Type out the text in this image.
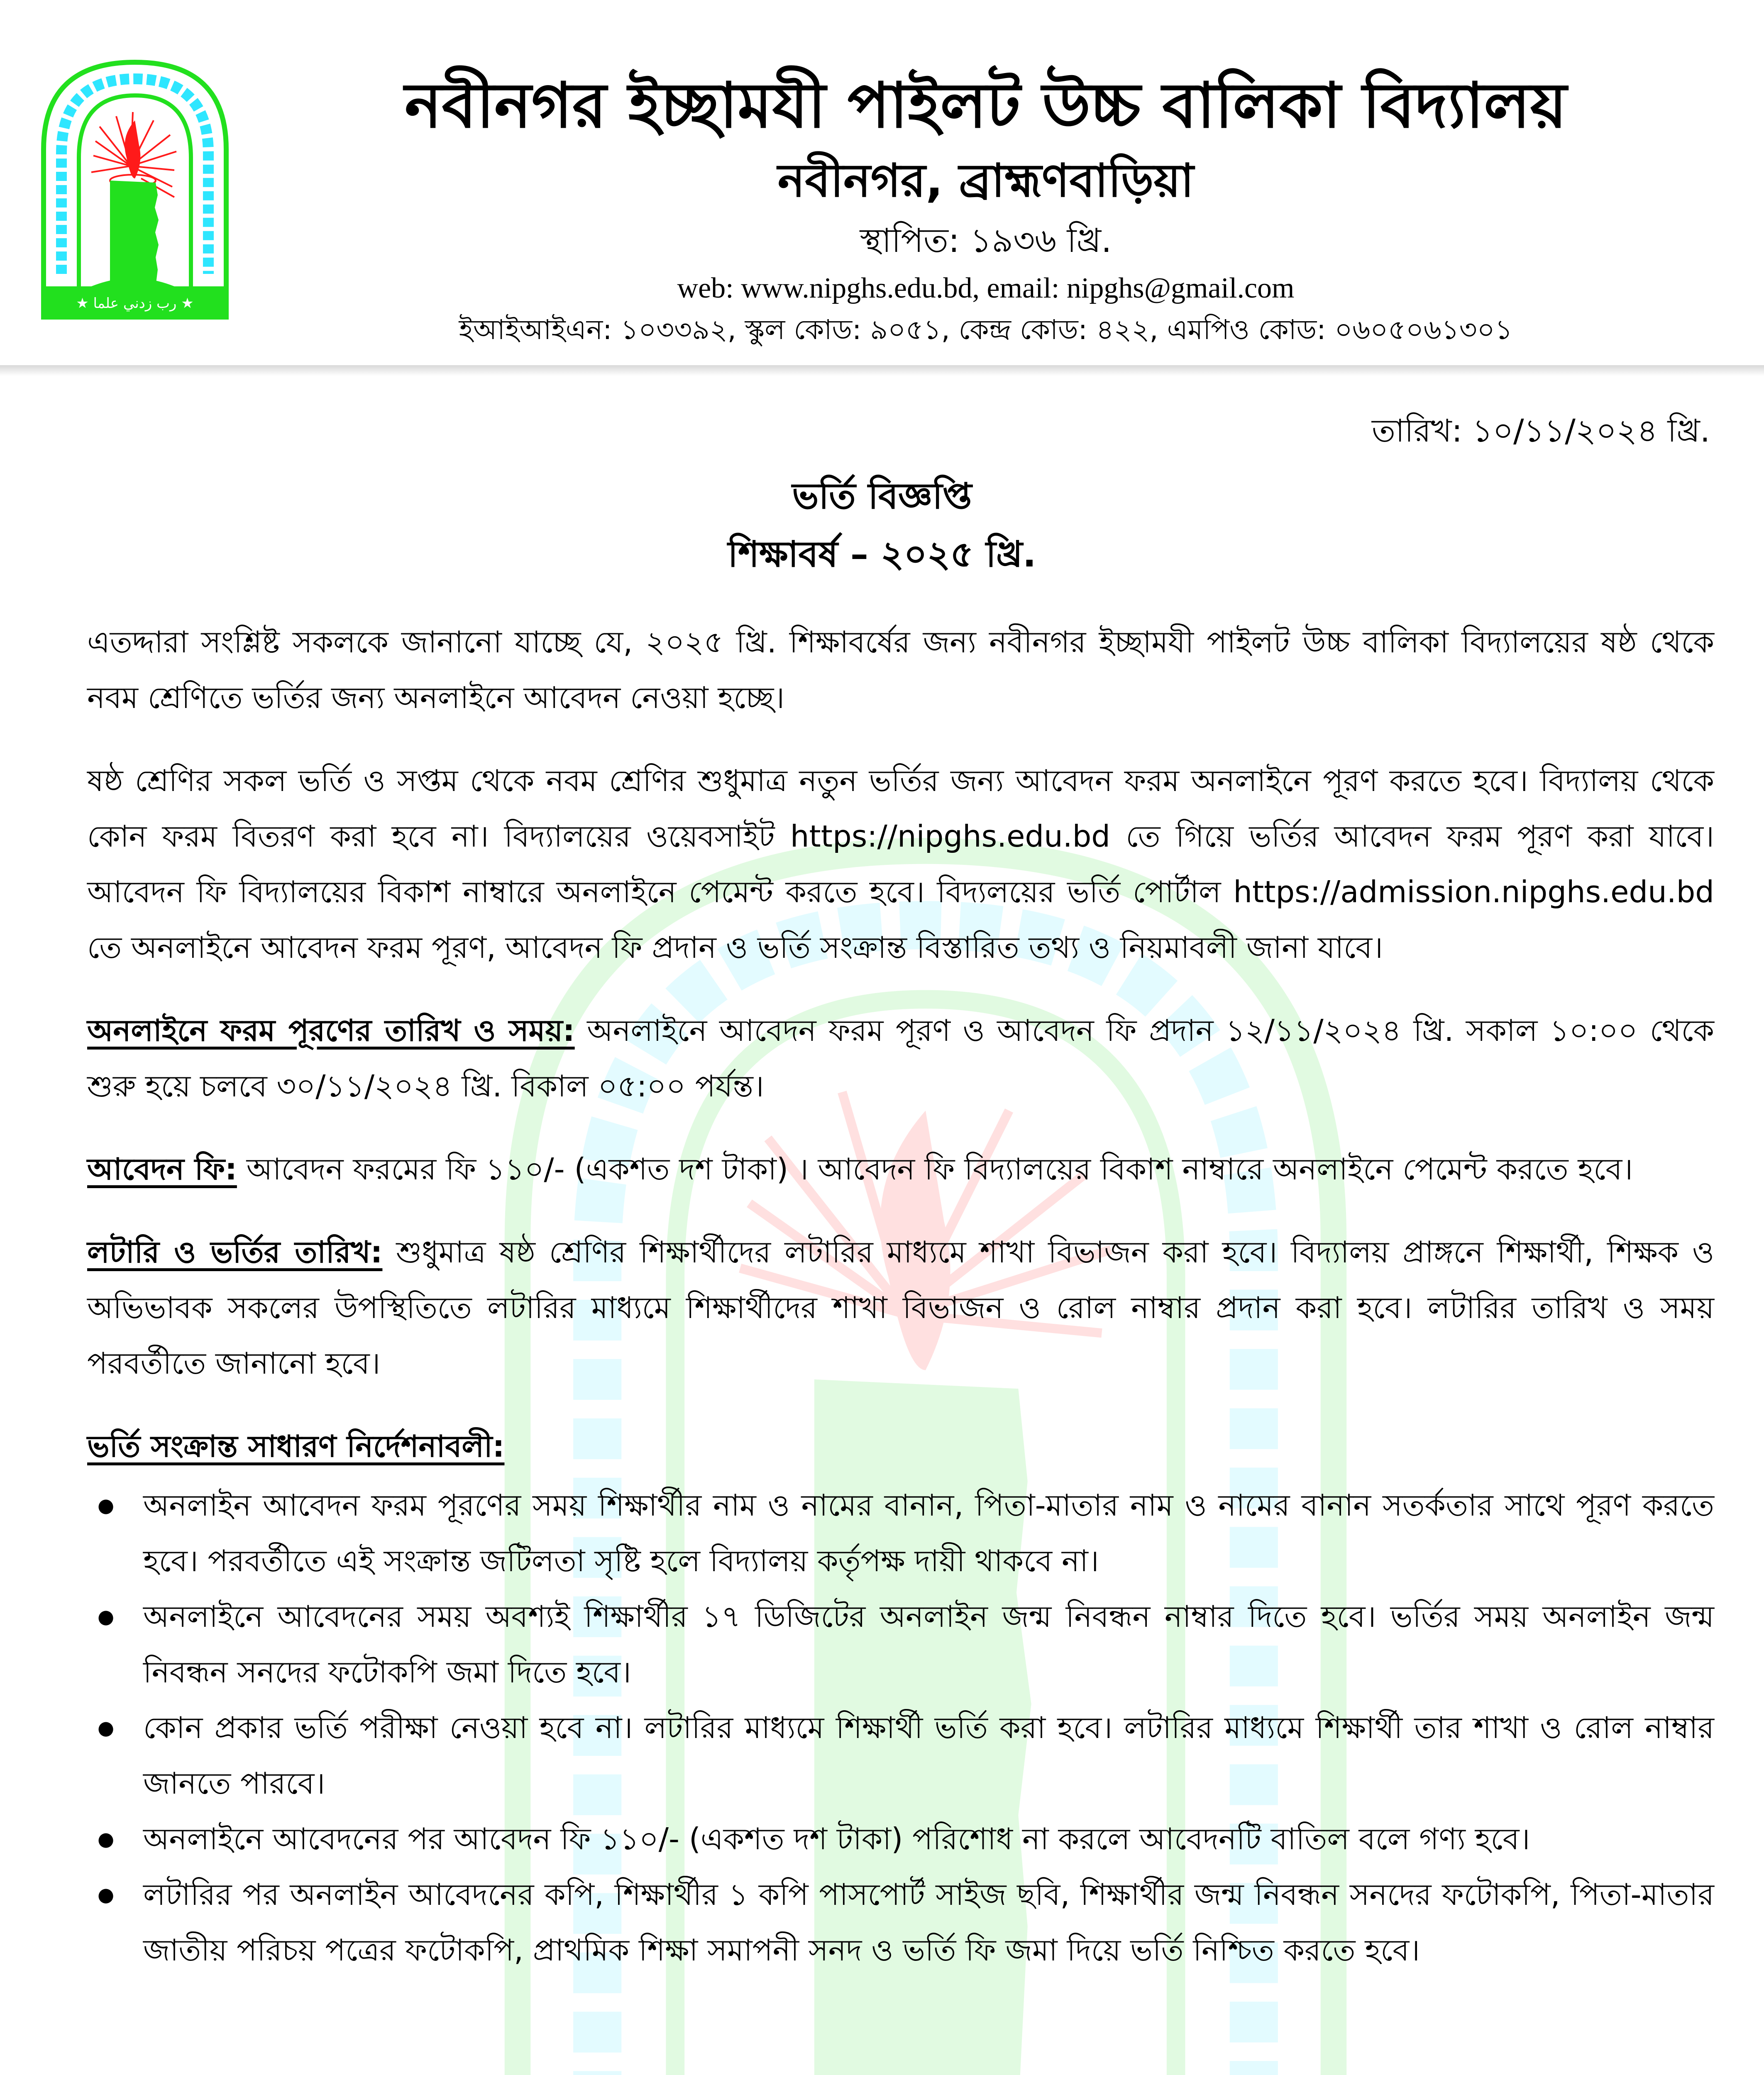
★ رب زدني علما ★
নবীনগর ইচ্ছামযী পাইলট উচ্চ বালিকা বিদ্যালয়
নবীনগর, ব্রাহ্মণবাড়িয়া
স্থাপিত: ১৯৩৬ খ্রি.
web: www.nipghs.edu.bd, email: nipghs@gmail.com
ইআইআইএন: ১০৩৩৯২, স্কুল কোড: ৯০৫১, কেন্দ্র কোড: ৪২২, এমপিও কোড: ০৬০৫০৬১৩০১
তারিখ: ১০/১১/২০২৪ খ্রি.
ভর্তি বিজ্ঞপ্তি
শিক্ষাবর্ষ – ২০২৫ খ্রি.

এতদ্দারা সংশ্লিষ্ট সকলকে জানানো যাচ্ছে যে, ২০২৫ খ্রি. শিক্ষাবর্ষের জন্য নবীনগর ইচ্ছামযী পাইলট উচ্চ বালিকা বিদ্যালয়ের ষষ্ঠ থেকে নবম শ্রেণিতে ভর্তির জন্য অনলাইনে আবেদন নেওয়া হচ্ছে।

ষষ্ঠ শ্রেণির সকল ভর্তি ও সপ্তম থেকে নবম শ্রেণির শুধুমাত্র নতুন ভর্তির জন্য আবেদন ফরম অনলাইনে পূরণ করতে হবে। বিদ্যালয় থেকে কোন ফরম বিতরণ করা হবে না। বিদ্যালয়ের ওয়েবসাইট https://nipghs.edu.bd তে গিয়ে ভর্তির আবেদন ফরম পূরণ করা যাবে। আবেদন ফি বিদ্যালয়ের বিকাশ নাম্বারে অনলাইনে পেমেন্ট করতে হবে। বিদ্যলয়ের ভর্তি পোর্টাল https://admission.nipghs.edu.bd তে অনলাইনে আবেদন ফরম পূরণ, আবেদন ফি প্রদান ও ভর্তি সংক্রান্ত বিস্তারিত তথ্য ও নিয়মাবলী জানা যাবে।

অনলাইনে ফরম পূরণের তারিখ ও সময়: অনলাইনে আবেদন ফরম পূরণ ও আবেদন ফি প্রদান ১২/১১/২০২৪ খ্রি. সকাল ১০:০০ থেকে শুরু হয়ে চলবে ৩০/১১/২০২৪ খ্রি. বিকাল ০৫:০০ পর্যন্ত।

আবেদন ফি: আবেদন ফরমের ফি ১১০/- (একশত দশ টাকা) । আবেদন ফি বিদ্যালয়ের বিকাশ নাম্বারে অনলাইনে পেমেন্ট করতে হবে।

লটারি ও ভর্তির তারিখ: শুধুমাত্র ষষ্ঠ শ্রেণির শিক্ষার্থীদের লটারির মাধ্যমে শাখা বিভাজন করা হবে। বিদ্যালয় প্রাঙ্গনে শিক্ষার্থী, শিক্ষক ও অভিভাবক সকলের উপস্থিতিতে লটারির মাধ্যমে শিক্ষার্থীদের শাখা বিভাজন ও রোল নাম্বার প্রদান করা হবে। লটারির তারিখ ও সময় পরবর্তীতে জানানো হবে।

ভর্তি সংক্রান্ত সাধারণ নির্দেশনাবলী:
● অনলাইন আবেদন ফরম পূরণের সময় শিক্ষার্থীর নাম ও নামের বানান, পিতা-মাতার নাম ও নামের বানান সতর্কতার সাথে পূরণ করতে হবে। পরবর্তীতে এই সংক্রান্ত জটিলতা সৃষ্টি হলে বিদ্যালয় কর্তৃপক্ষ দায়ী থাকবে না।
● অনলাইনে আবেদনের সময় অবশ্যই শিক্ষার্থীর ১৭ ডিজিটের অনলাইন জন্ম নিবন্ধন নাম্বার দিতে হবে। ভর্তির সময় অনলাইন জন্ম নিবন্ধন সনদের ফটোকপি জমা দিতে হবে।
● কোন প্রকার ভর্তি পরীক্ষা নেওয়া হবে না। লটারির মাধ্যমে শিক্ষার্থী ভর্তি করা হবে। লটারির মাধ্যমে শিক্ষার্থী তার শাখা ও রোল নাম্বার জানতে পারবে।
● অনলাইনে আবেদনের পর আবেদন ফি ১১০/- (একশত দশ টাকা) পরিশোধ না করলে আবেদনটি বাতিল বলে গণ্য হবে।
● লটারির পর অনলাইন আবেদনের কপি, শিক্ষার্থীর ১ কপি পাসপোর্ট সাইজ ছবি, শিক্ষার্থীর জন্ম নিবন্ধন সনদের ফটোকপি, পিতা-মাতার জাতীয় পরিচয় পত্রের ফটোকপি, প্রাথমিক শিক্ষা সমাপনী সনদ ও ভর্তি ফি জমা দিয়ে ভর্তি নিশ্চিত করতে হবে।
